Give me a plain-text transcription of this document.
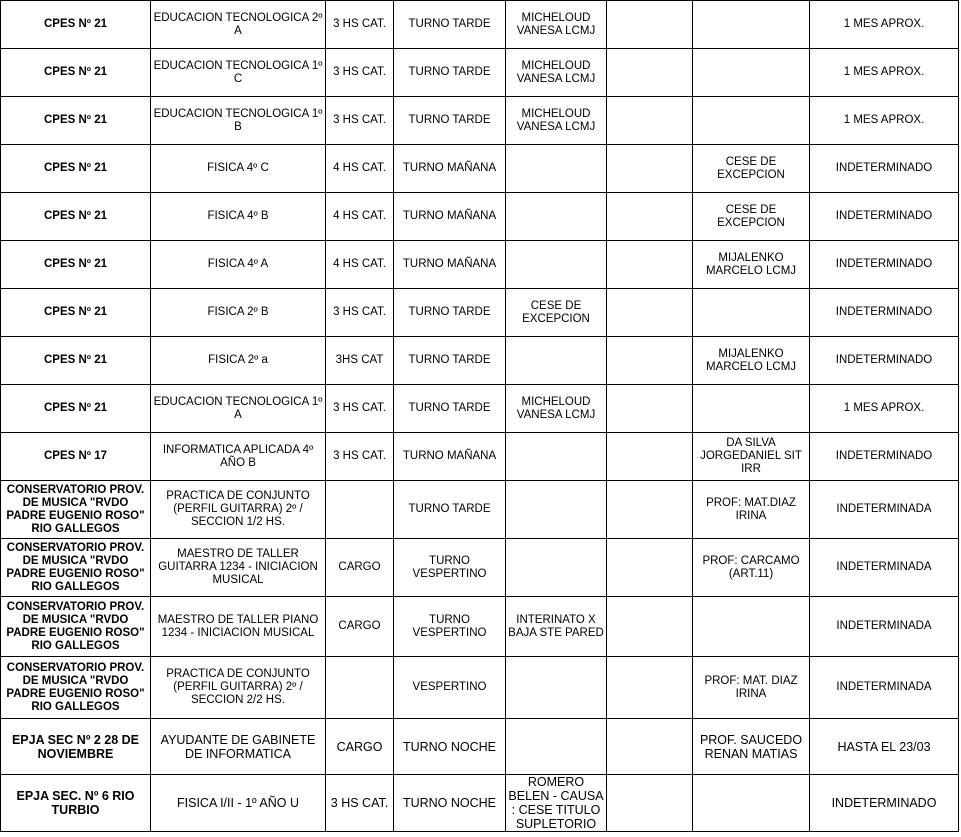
CPES Nº 21	EDUCACION TECNOLOGICA 2º A	3 HS CAT.	TURNO TARDE	MICHELOUD VANESA LCMJ			1 MES APROX.
CPES Nº 21	EDUCACION TECNOLOGICA 1º C	3 HS CAT.	TURNO TARDE	MICHELOUD VANESA LCMJ			1 MES APROX.
CPES Nº 21	EDUCACION TECNOLOGICA 1º B	3 HS CAT.	TURNO TARDE	MICHELOUD VANESA LCMJ			1 MES APROX.
CPES Nº 21	FISICA 4º C	4 HS CAT.	TURNO MAÑANA			CESE DE EXCEPCION	INDETERMINADO
CPES Nº 21	FISICA 4º B	4 HS CAT.	TURNO MAÑANA			CESE DE EXCEPCION	INDETERMINADO
CPES Nº 21	FISICA 4º A	4 HS CAT.	TURNO MAÑANA			MIJALENKO MARCELO LCMJ	INDETERMINADO
CPES Nº 21	FISICA 2º B	3 HS CAT.	TURNO TARDE	CESE DE EXCEPCION			INDETERMINADO
CPES Nº 21	FISICA 2º a	3HS CAT	TURNO TARDE			MIJALENKO MARCELO LCMJ	INDETERMINADO
CPES Nº 21	EDUCACION TECNOLOGICA 1º A	3 HS CAT.	TURNO TARDE	MICHELOUD VANESA LCMJ			1 MES APROX.
CPES Nº 17	INFORMATICA APLICADA 4º AÑO B	3 HS CAT.	TURNO MAÑANA			DA SILVA JORGEDANIEL SIT IRR	INDETERMINADO
CONSERVATORIO PROV. DE MUSICA "RVDO PADRE EUGENIO ROSO" RIO GALLEGOS	PRACTICA DE CONJUNTO (PERFIL GUITARRA) 2º / SECCION 1/2 HS.		TURNO TARDE			PROF: MAT.DIAZ IRINA	INDETERMINADA
CONSERVATORIO PROV. DE MUSICA "RVDO PADRE EUGENIO ROSO" RIO GALLEGOS	MAESTRO DE TALLER GUITARRA 1234 - INICIACION MUSICAL	CARGO	TURNO VESPERTINO			PROF: CARCAMO (ART.11)	INDETERMINADA
CONSERVATORIO PROV. DE MUSICA "RVDO PADRE EUGENIO ROSO" RIO GALLEGOS	MAESTRO DE TALLER PIANO 1234 - INICIACION MUSICAL	CARGO	TURNO VESPERTINO	INTERINATO X BAJA STE PARED			INDETERMINADA
CONSERVATORIO PROV. DE MUSICA "RVDO PADRE EUGENIO ROSO" RIO GALLEGOS	PRACTICA DE CONJUNTO (PERFIL GUITARRA) 2º / SECCION 2/2 HS.		VESPERTINO			PROF: MAT. DIAZ IRINA	INDETERMINADA
EPJA SEC Nº 2 28 DE NOVIEMBRE	AYUDANTE DE GABINETE DE INFORMATICA	CARGO	TURNO NOCHE			PROF. SAUCEDO RENAN MATIAS	HASTA EL 23/03
EPJA SEC. Nº 6 RIO TURBIO	FISICA I/II - 1º AÑO U	3 HS CAT.	TURNO NOCHE	ROMERO BELEN - CAUSA : CESE TITULO SUPLETORIO			INDETERMINADO
